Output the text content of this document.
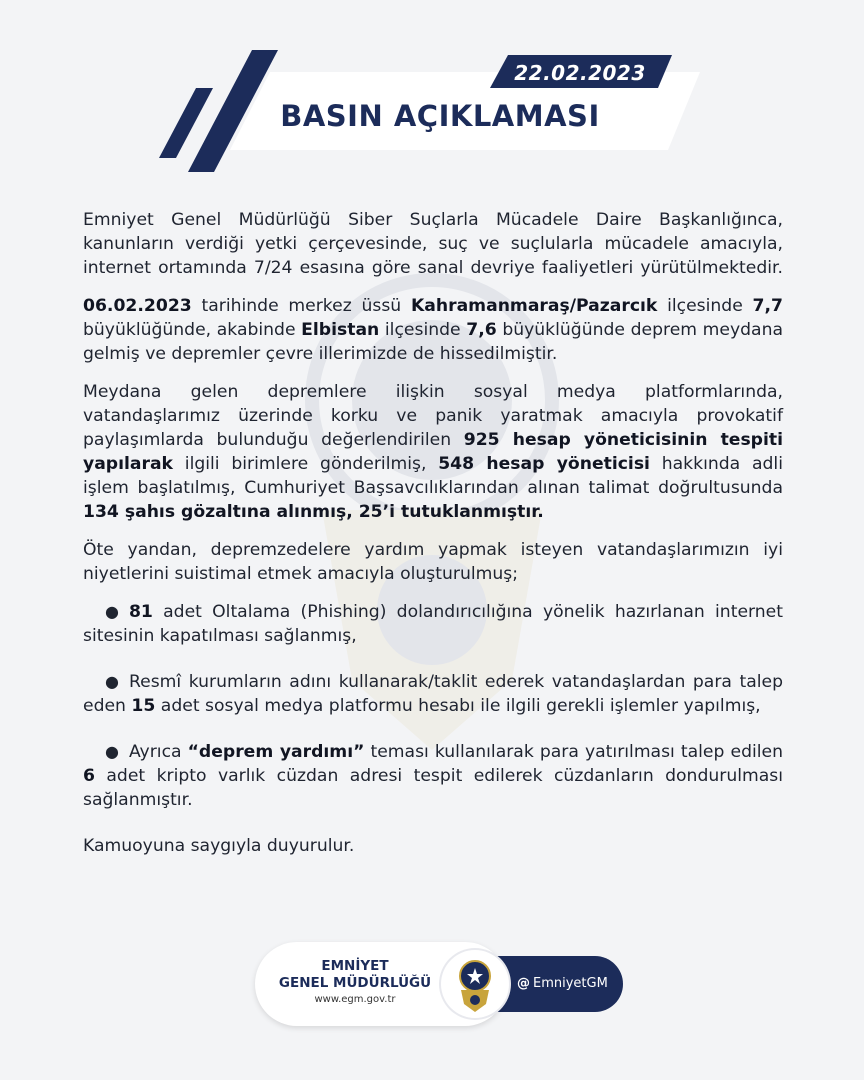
22.02.2023
BASIN AÇIKLAMASI

Emniyet Genel Müdürlüğü Siber Suçlarla Mücadele Daire Başkanlığınca, kanunların verdiği yetki çerçevesinde, suç ve suçlularla mücadele amacıyla, internet ortamında 7/24 esasına göre sanal devriye faaliyetleri yürütülmektedir.

06.02.2023 tarihinde merkez üssü Kahramanmaraş/Pazarcık ilçesinde 7,7 büyüklüğünde, akabinde Elbistan ilçesinde 7,6 büyüklüğünde deprem meydana gelmiş ve depremler çevre illerimizde de hissedilmiştir.

Meydana gelen depremlere ilişkin sosyal medya platformlarında, vatandaşlarımız üzerinde korku ve panik yaratmak amacıyla provokatif paylaşımlarda bulunduğu değerlendirilen 925 hesap yöneticisinin tespiti yapılarak ilgili birimlere gönderilmiş, 548 hesap yöneticisi hakkında adli işlem başlatılmış, Cumhuriyet Başsavcılıklarından alınan talimat doğrultusunda 134 şahıs gözaltına alınmış, 25’i tutuklanmıştır.

Öte yandan, depremzedelere yardım yapmak isteyen vatandaşlarımızın iyi niyetlerini suistimal etmek amacıyla oluşturulmuş;

● 81 adet Oltalama (Phishing) dolandırıcılığına yönelik hazırlanan internet sitesinin kapatılması sağlanmış,
● Resmî kurumların adını kullanarak/taklit ederek vatandaşlardan para talep eden 15 adet sosyal medya platformu hesabı ile ilgili gerekli işlemler yapılmış,
● Ayrıca “deprem yardımı” teması kullanılarak para yatırılması talep edilen 6 adet kripto varlık cüzdan adresi tespit edilerek cüzdanların dondurulması sağlanmıştır.

Kamuoyuna saygıyla duyurulur.

@ EmniyetGM
EMNİYET
GENEL MÜDÜRLÜĞÜ
www.egm.gov.tr
